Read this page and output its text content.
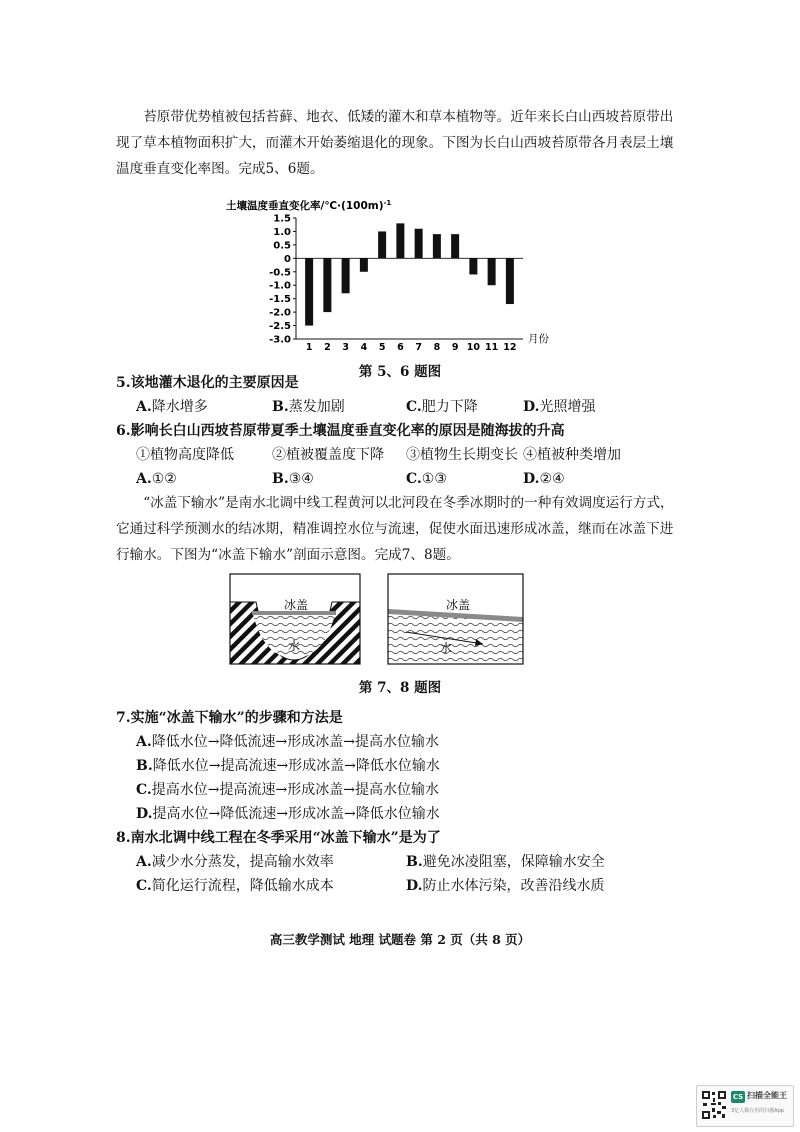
苔原带优势植被包括苔藓、地衣、低矮的灌木和草本植物等。近年来长白山西坡苔原带出现了草本植物面积扩大，而灌木开始萎缩退化的现象。下图为长白山西坡苔原带各月表层土壤温度垂直变化率图。完成5、6题。

土壤温度垂直变化率$/℃\cdot(100m)^{-1}$
1.5
1.0
0.5
0
-0.5
-1.0
-1.5
-2.0
-2.5
-3.0
1 2 3 4 5 6 7 8 9 10 11 12
月份
第 5、6 题图
5.该地灌木退化的主要原因是
A.降水增多	B.蒸发加剧	C.肥力下降	D.光照增强
6.影响长白山西坡苔原带夏季土壤温度垂直变化率的原因是随海拔的升高
①植物高度降低	②植被覆盖度下降 ③植物生长期变长 ④植被种类增加
A.①②	B.③④	C.①③	D.②④

“冰盖下输水”是南水北调中线工程黄河以北河段在冬季冰期时的一种有效调度运行方式，它通过科学预测水的结冰期，精准调控水位与流速，促使水面迅速形成冰盖，继而在冰盖下进行输水。下图为“冰盖下输水”剖面示意图。完成7、8题。

冰盖
水
冰盖
水
第 7、8 题图
7.实施“冰盖下输水”的步骤和方法是
A.降低水位→降低流速→形成冰盖→提高水位输水
B.降低水位→提高流速→形成冰盖→降低水位输水
C.提高水位→提高流速→形成冰盖→提高水位输水
D.提高水位→降低流速→形成冰盖→降低水位输水
8.南水北调中线工程在冬季采用“冰盖下输水”是为了
A.减少水分蒸发，提高输水效率	B.避免冰凌阻塞，保障输水安全
C.简化运行流程，降低输水成本	D.防止水体污染，改善沿线水质
高三教学测试 地理 试题卷 第 2 页（共 8 页）
CS 扫描全能王
3亿人都在用的扫描App
